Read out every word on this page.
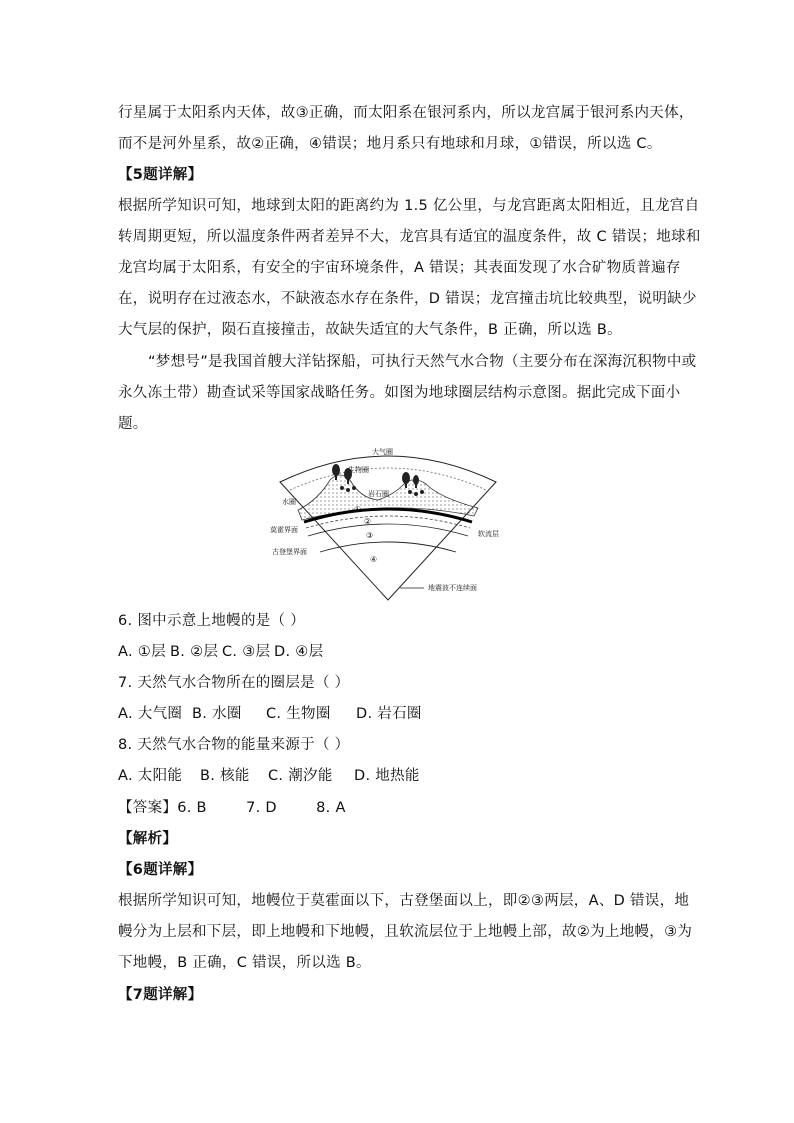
行星属于太阳系内天体，故③正确，而太阳系在银河系内，所以龙宫属于银河系内天体，
而不是河外星系，故②正确，④错误；地月系只有地球和月球，①错误，所以选 C。
【5题详解】
根据所学知识可知，地球到太阳的距离约为 1.5 亿公里，与龙宫距离太阳相近，且龙宫自
转周期更短，所以温度条件两者差异不大，龙宫具有适宜的温度条件，故 C 错误；地球和
龙宫均属于太阳系，有安全的宇宙环境条件，A 错误；其表面发现了水合矿物质普遍存
在，说明存在过液态水，不缺液态水存在条件，D 错误；龙宫撞击坑比较典型，说明缺少
大气层的保护，陨石直接撞击，故缺失适宜的大气条件，B 正确，所以选 B。
“梦想号”是我国首艘大洋钻探船，可执行天然气水合物（主要分布在深海沉积物中或
永久冻土带）勘查试采等国家战略任务。如图为地球圈层结构示意图。据此完成下面小
题。
大气圈
生物圈
水圈
岩石圈
莫霍界面
古登堡界面
软流层
①
②
③
④
地震波不连续面
6. 图中示意上地幔的是（ ）
A. ①层 B. ②层 C. ③层 D. ④层
7. 天然气水合物所在的圈层是（ ）
A. 大气圈 B. 水圈 C. 生物圈 D. 岩石圈
8. 天然气水合物的能量来源于（ ）
A. 太阳能 B. 核能 C. 潮汐能 D. 地热能
【答案】6. B        7. D        8. A
【解析】
【6题详解】
根据所学知识可知，地幔位于莫霍面以下，古登堡面以上，即②③两层，A、D 错误，地
幔分为上层和下层，即上地幔和下地幔，且软流层位于上地幔上部，故②为上地幔，③为
下地幔，B 正确，C 错误，所以选 B。
【7题详解】
